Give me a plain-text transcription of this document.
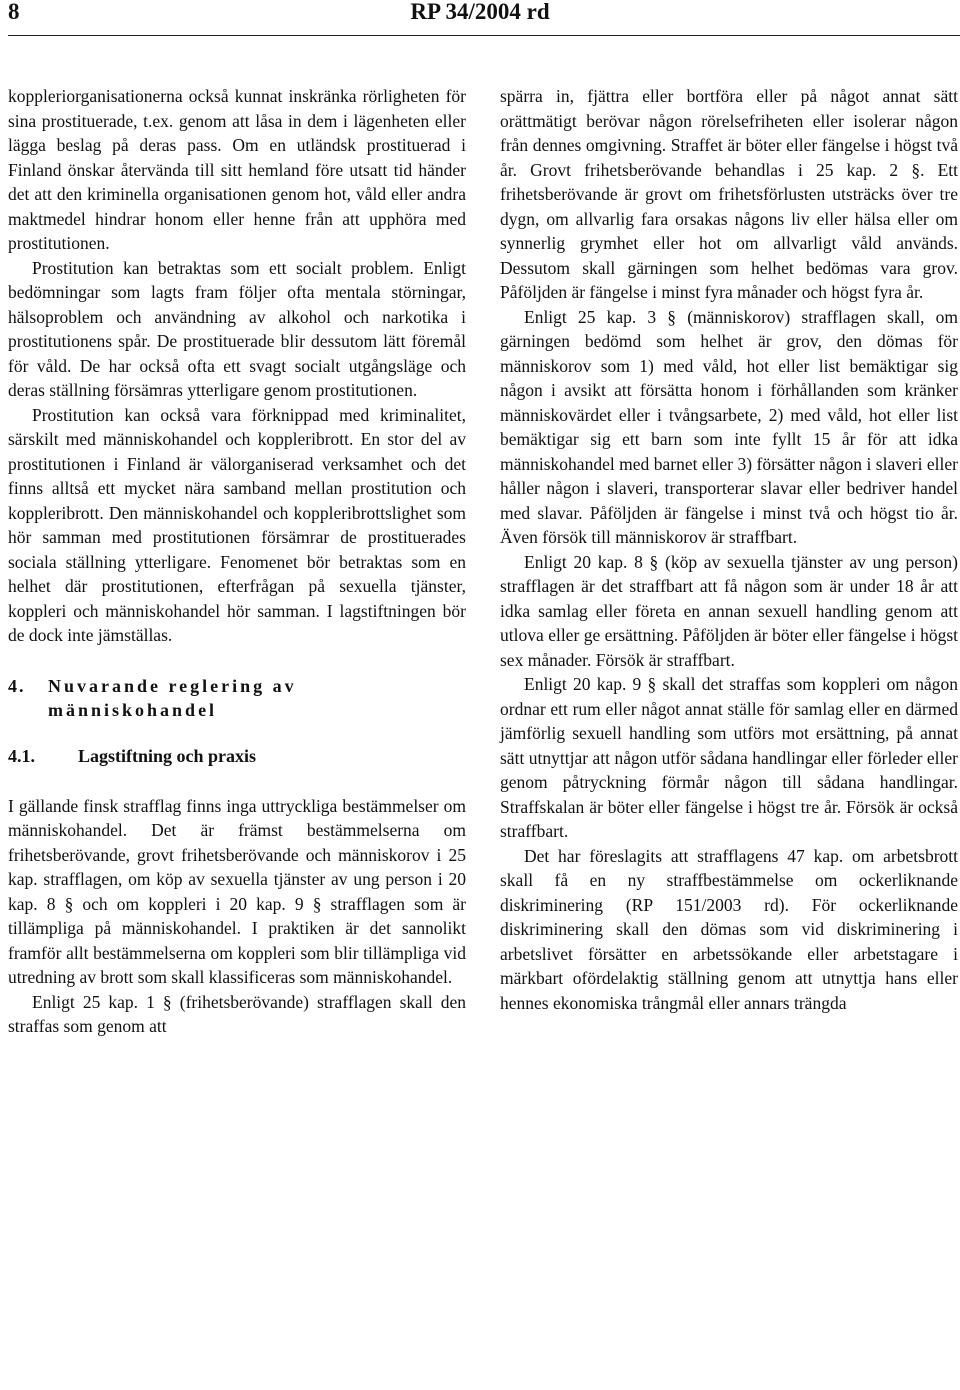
8	RP 34/2004 rd

koppleriorganisationerna också kunnat inskränka rörligheten för sina prostituerade, t.ex. genom att låsa in dem i lägenheten eller lägga beslag på deras pass. Om en utländsk prostituerad i Finland önskar återvända till sitt hemland före utsatt tid händer det att den kriminella organisationen genom hot, våld eller andra maktmedel hindrar honom eller henne från att upphöra med prostitutionen.

Prostitution kan betraktas som ett socialt problem. Enligt bedömningar som lagts fram följer ofta mentala störningar, hälsoproblem och användning av alkohol och narkotika i prostitutionens spår. De prostituerade blir dessutom lätt föremål för våld. De har också ofta ett svagt socialt utgångsläge och deras ställning försämras ytterligare genom prostitutionen.

Prostitution kan också vara förknippad med kriminalitet, särskilt med människohandel och koppleribrott. En stor del av prostitutionen i Finland är välorganiserad verksamhet och det finns alltså ett mycket nära samband mellan prostitution och koppleribrott. Den människohandel och koppleribrottslighet som hör samman med prostitutionen försämrar de prostituerades sociala ställning ytterligare. Fenomenet bör betraktas som en helhet där prostitutionen, efterfrågan på sexuella tjänster, koppleri och människohandel hör samman. I lagstiftningen bör de dock inte jämställas.

4.	Nuvarande reglering av människohandel
4.1.	Lagstiftning och praxis

I gällande finsk strafflag finns inga uttryckliga bestämmelser om människohandel. Det är främst bestämmelserna om frihetsberövande, grovt frihetsberövande och människorov i 25 kap. strafflagen, om köp av sexuella tjänster av ung person i 20 kap. 8 § och om koppleri i 20 kap. 9 § strafflagen som är tillämpliga på människohandel. I praktiken är det sannolikt framför allt bestämmelserna om koppleri som blir tillämpliga vid utredning av brott som skall klassificeras som människohandel.

Enligt 25 kap. 1 § (frihetsberövande) strafflagen skall den straffas som genom att

spärra in, fjättra eller bortföra eller på något annat sätt orättmätigt berövar någon rörelsefriheten eller isolerar någon från dennes omgivning. Straffet är böter eller fängelse i högst två år. Grovt frihetsberövande behandlas i 25 kap. 2 §. Ett frihetsberövande är grovt om frihetsförlusten utsträcks över tre dygn, om allvarlig fara orsakas någons liv eller hälsa eller om synnerlig grymhet eller hot om allvarligt våld används. Dessutom skall gärningen som helhet bedömas vara grov. Påföljden är fängelse i minst fyra månader och högst fyra år.

Enligt 25 kap. 3 § (människorov) strafflagen skall, om gärningen bedömd som helhet är grov, den dömas för människorov som 1) med våld, hot eller list bemäktigar sig någon i avsikt att försätta honom i förhållanden som kränker människovärdet eller i tvångsarbete, 2) med våld, hot eller list bemäktigar sig ett barn som inte fyllt 15 år för att idka människohandel med barnet eller 3) försätter någon i slaveri eller håller någon i slaveri, transporterar slavar eller bedriver handel med slavar. Påföljden är fängelse i minst två och högst tio år. Även försök till människorov är straffbart.

Enligt 20 kap. 8 § (köp av sexuella tjänster av ung person) strafflagen är det straffbart att få någon som är under 18 år att idka samlag eller företa en annan sexuell handling genom att utlova eller ge ersättning. Påföljden är böter eller fängelse i högst sex månader. Försök är straffbart.

Enligt 20 kap. 9 § skall det straffas som koppleri om någon ordnar ett rum eller något annat ställe för samlag eller en därmed jämförlig sexuell handling som utförs mot ersättning, på annat sätt utnyttjar att någon utför sådana handlingar eller förleder eller genom påtryckning förmår någon till sådana handlingar. Straffskalan är böter eller fängelse i högst tre år. Försök är också straffbart.

Det har föreslagits att strafflagens 47 kap. om arbetsbrott skall få en ny straffbestämmelse om ockerliknande diskriminering (RP 151/2003 rd). För ockerliknande diskriminering skall den dömas som vid diskriminering i arbetslivet försätter en arbetssökande eller arbetstagare i märkbart ofördelaktig ställning genom att utnyttja hans eller hennes ekonomiska trångmål eller annars trängda
